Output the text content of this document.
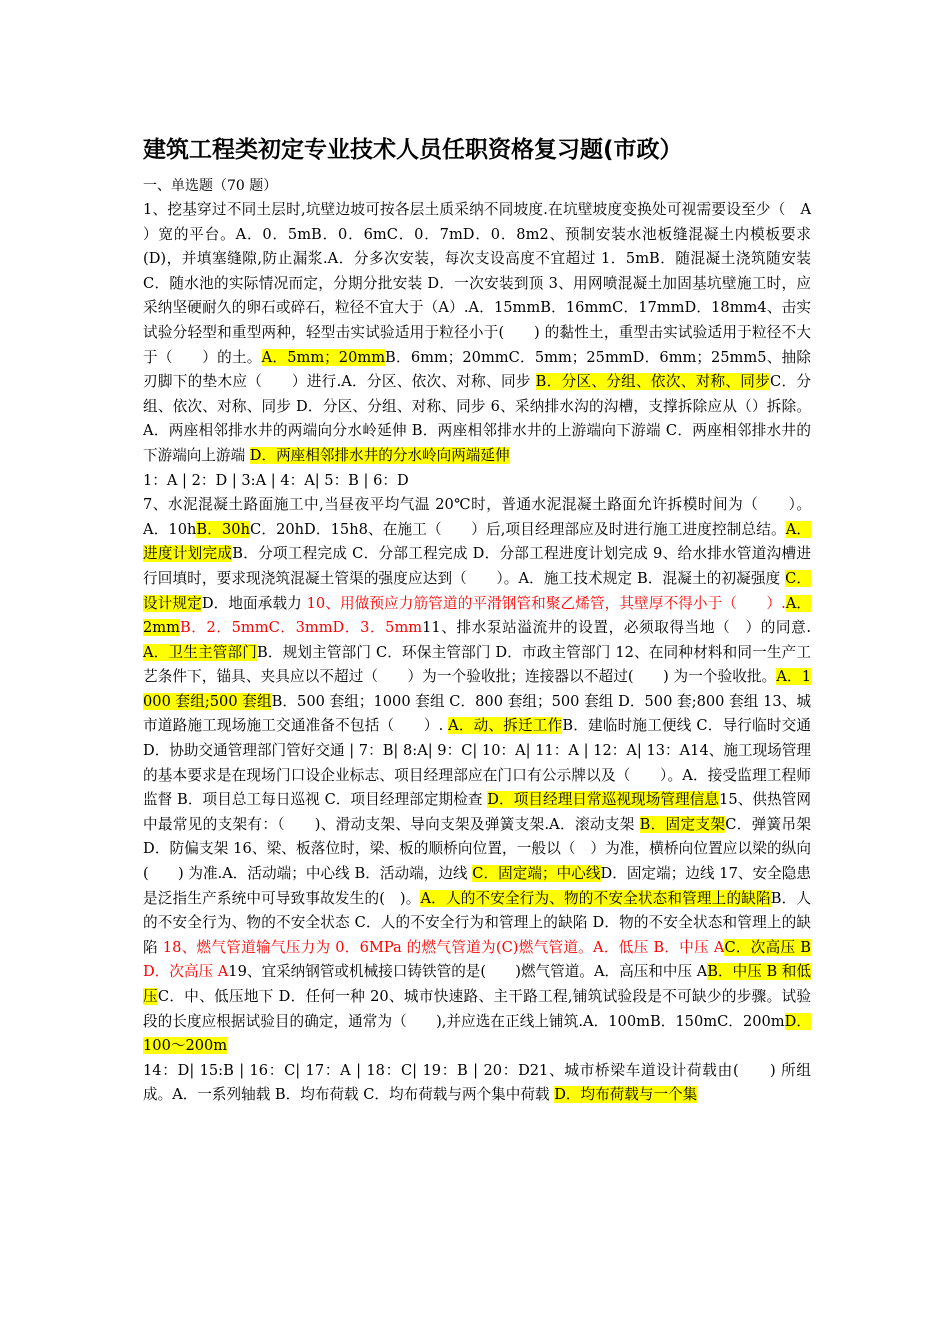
建筑工程类初定专业技术人员任职资格复习题(市政）

一、单选题（70 题）

1、挖基穿过不同土层时,坑壁边坡可按各层土质采纳不同坡度.在坑壁坡度变换处可视需要设至少（　A　）宽的平台。A．0．5mB．0．6mC．0．7mD．0．8m2、预制安装水池板缝混凝土内模板要求(D)，并填塞缝隙,防止漏浆.A．分多次安装，每次支设高度不宜超过 1．5mB．随混凝土浇筑随安装 C．随水池的实际情况而定，分期分批安装 D．一次安装到顶 3、用网喷混凝土加固基坑壁施工时，应采纳坚硬耐久的卵石或碎石，粒径不宜大于（A）.A．15mmB．16mmC．17mmD．18mm4、击实试验分轻型和重型两种，轻型击实试验适用于粒径小于(　　) 的黏性土，重型击实试验适用于粒径不大于（　　）的土。A．5mm；20mmB．6mm；20mmC．5mm；25mmD．6mm；25mm5、抽除刃脚下的垫木应（　　）进行.A．分区、依次、对称、同步 B．分区、分组、依次、对称、同步C．分组、依次、对称、同步 D．分区、分组、对称、同步 6、采纳排水沟的沟槽，支撑拆除应从（）拆除。A．两座相邻排水井的两端向分水岭延伸 B．两座相邻排水井的上游端向下游端 C．两座相邻排水井的下游端向上游端 D．两座相邻排水井的分水岭向两端延伸

1：A | 2：D | 3:A | 4：A| 5：B | 6：D

7、水泥混凝土路面施工中,当昼夜平均气温 20℃时，普通水泥混凝土路面允许拆模时间为（　　）。A．10hB．30hC．20hD．15h8、在施工（　　）后,项目经理部应及时进行施工进度控制总结。A．进度计划完成B．分项工程完成 C．分部工程完成 D．分部工程进度计划完成 9、给水排水管道沟槽进行回填时，要求现浇筑混凝土管渠的强度应达到（　　）。A．施工技术规定 B．混凝土的初凝强度 C．设计规定D．地面承载力 10、用做预应力筋管道的平滑钢管和聚乙烯管，其壁厚不得小于（　　）.A．2mmB．2．5mmC．3mmD．3．5mm11、排水泵站溢流井的设置，必须取得当地（　）的同意.A．卫生主管部门B．规划主管部门 C．环保主管部门 D．市政主管部门 12、在同种材料和同一生产工艺条件下，锚具、夹具应以不超过（　　）为一个验收批；连接器以不超过(　　) 为一个验收批。A．1000 套组;500 套组B．500 套组；1000 套组 C．800 套组；500 套组 D．500 套;800 套组 13、城市道路施工现场施工交通准备不包括（　　）. A．动、拆迁工作B．建临时施工便线 C．导行临时交通 D．协助交通管理部门管好交通 | 7：B| 8:A| 9：C| 10：A| 11：A | 12：A| 13：A14、施工现场管理的基本要求是在现场门口设企业标志、项目经理部应在门口有公示牌以及（　　）。A．接受监理工程师监督 B．项目总工每日巡视 C．项目经理部定期检查 D．项目经理日常巡视现场管理信息15、供热管网中最常见的支架有：（　　)、滑动支架、导向支架及弹簧支架.A．滚动支架 B．固定支架C．弹簧吊架 D．防偏支架 16、梁、板落位时，梁、板的顺桥向位置，一般以（　）为准，横桥向位置应以梁的纵向(　　) 为准.A．活动端；中心线 B．活动端，边线 C．固定端；中心线D．固定端；边线 17、安全隐患是泛指生产系统中可导致事故发生的(　)。A．人的不安全行为、物的不安全状态和管理上的缺陷B．人的不安全行为、物的不安全状态 C．人的不安全行为和管理上的缺陷 D．物的不安全状态和管理上的缺陷 18、燃气管道输气压力为 0．6MPa 的燃气管道为(C)燃气管道。A．低压 B．中压 AC．次高压 BD．次高压 A19、宜采纳钢管或机械接口铸铁管的是(　　)燃气管道。A．高压和中压 AB．中压 B 和低压C．中、低压地下 D．任何一种 20、城市快速路、主干路工程,铺筑试验段是不可缺少的步骤。试验段的长度应根据试验目的确定，通常为（　　),并应选在正线上铺筑.A．100mB．150mC．200mD．100～200m

14：D| 15:B | 16：C| 17：A | 18：C| 19：B | 20：D21、城市桥梁车道设计荷载由(　　) 所组成。A．一系列轴载 B．均布荷载 C．均布荷载与两个集中荷载 D．均布荷载与一个集
